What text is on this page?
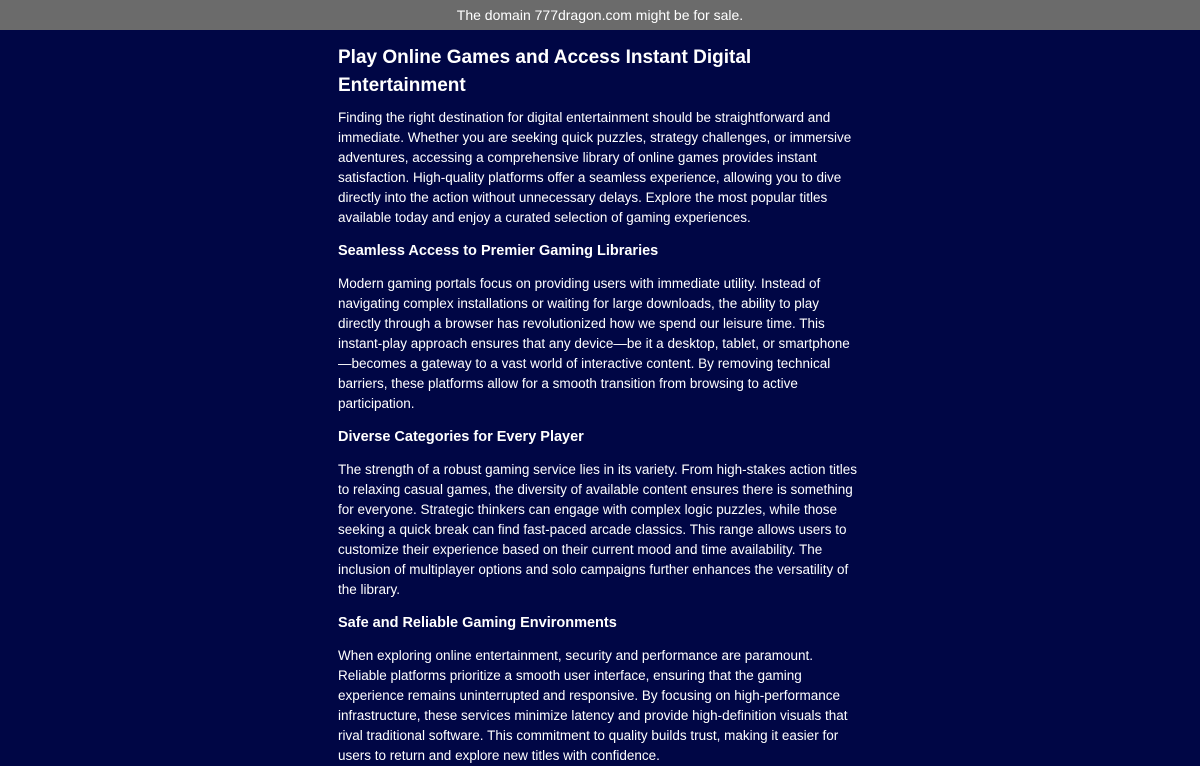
The domain 777dragon.com might be for sale.
Play Online Games and Access Instant Digital Entertainment

Finding the right destination for digital entertainment should be straightforward and immediate. Whether you are seeking quick puzzles, strategy challenges, or immersive adventures, accessing a comprehensive library of online games provides instant satisfaction. High-quality platforms offer a seamless experience, allowing you to dive directly into the action without unnecessary delays. Explore the most popular titles available today and enjoy a curated selection of gaming experiences.

Seamless Access to Premier Gaming Libraries

Modern gaming portals focus on providing users with immediate utility. Instead of navigating complex installations or waiting for large downloads, the ability to play directly through a browser has revolutionized how we spend our leisure time. This instant-play approach ensures that any device—be it a desktop, tablet, or smartphone—becomes a gateway to a vast world of interactive content. By removing technical barriers, these platforms allow for a smooth transition from browsing to active participation.

Diverse Categories for Every Player

The strength of a robust gaming service lies in its variety. From high-stakes action titles to relaxing casual games, the diversity of available content ensures there is something for everyone. Strategic thinkers can engage with complex logic puzzles, while those seeking a quick break can find fast-paced arcade classics. This range allows users to customize their experience based on their current mood and time availability. The inclusion of multiplayer options and solo campaigns further enhances the versatility of the library.

Safe and Reliable Gaming Environments

When exploring online entertainment, security and performance are paramount. Reliable platforms prioritize a smooth user interface, ensuring that the gaming experience remains uninterrupted and responsive. By focusing on high-performance infrastructure, these services minimize latency and provide high-definition visuals that rival traditional software. This commitment to quality builds trust, making it easier for users to return and explore new titles with confidence.
